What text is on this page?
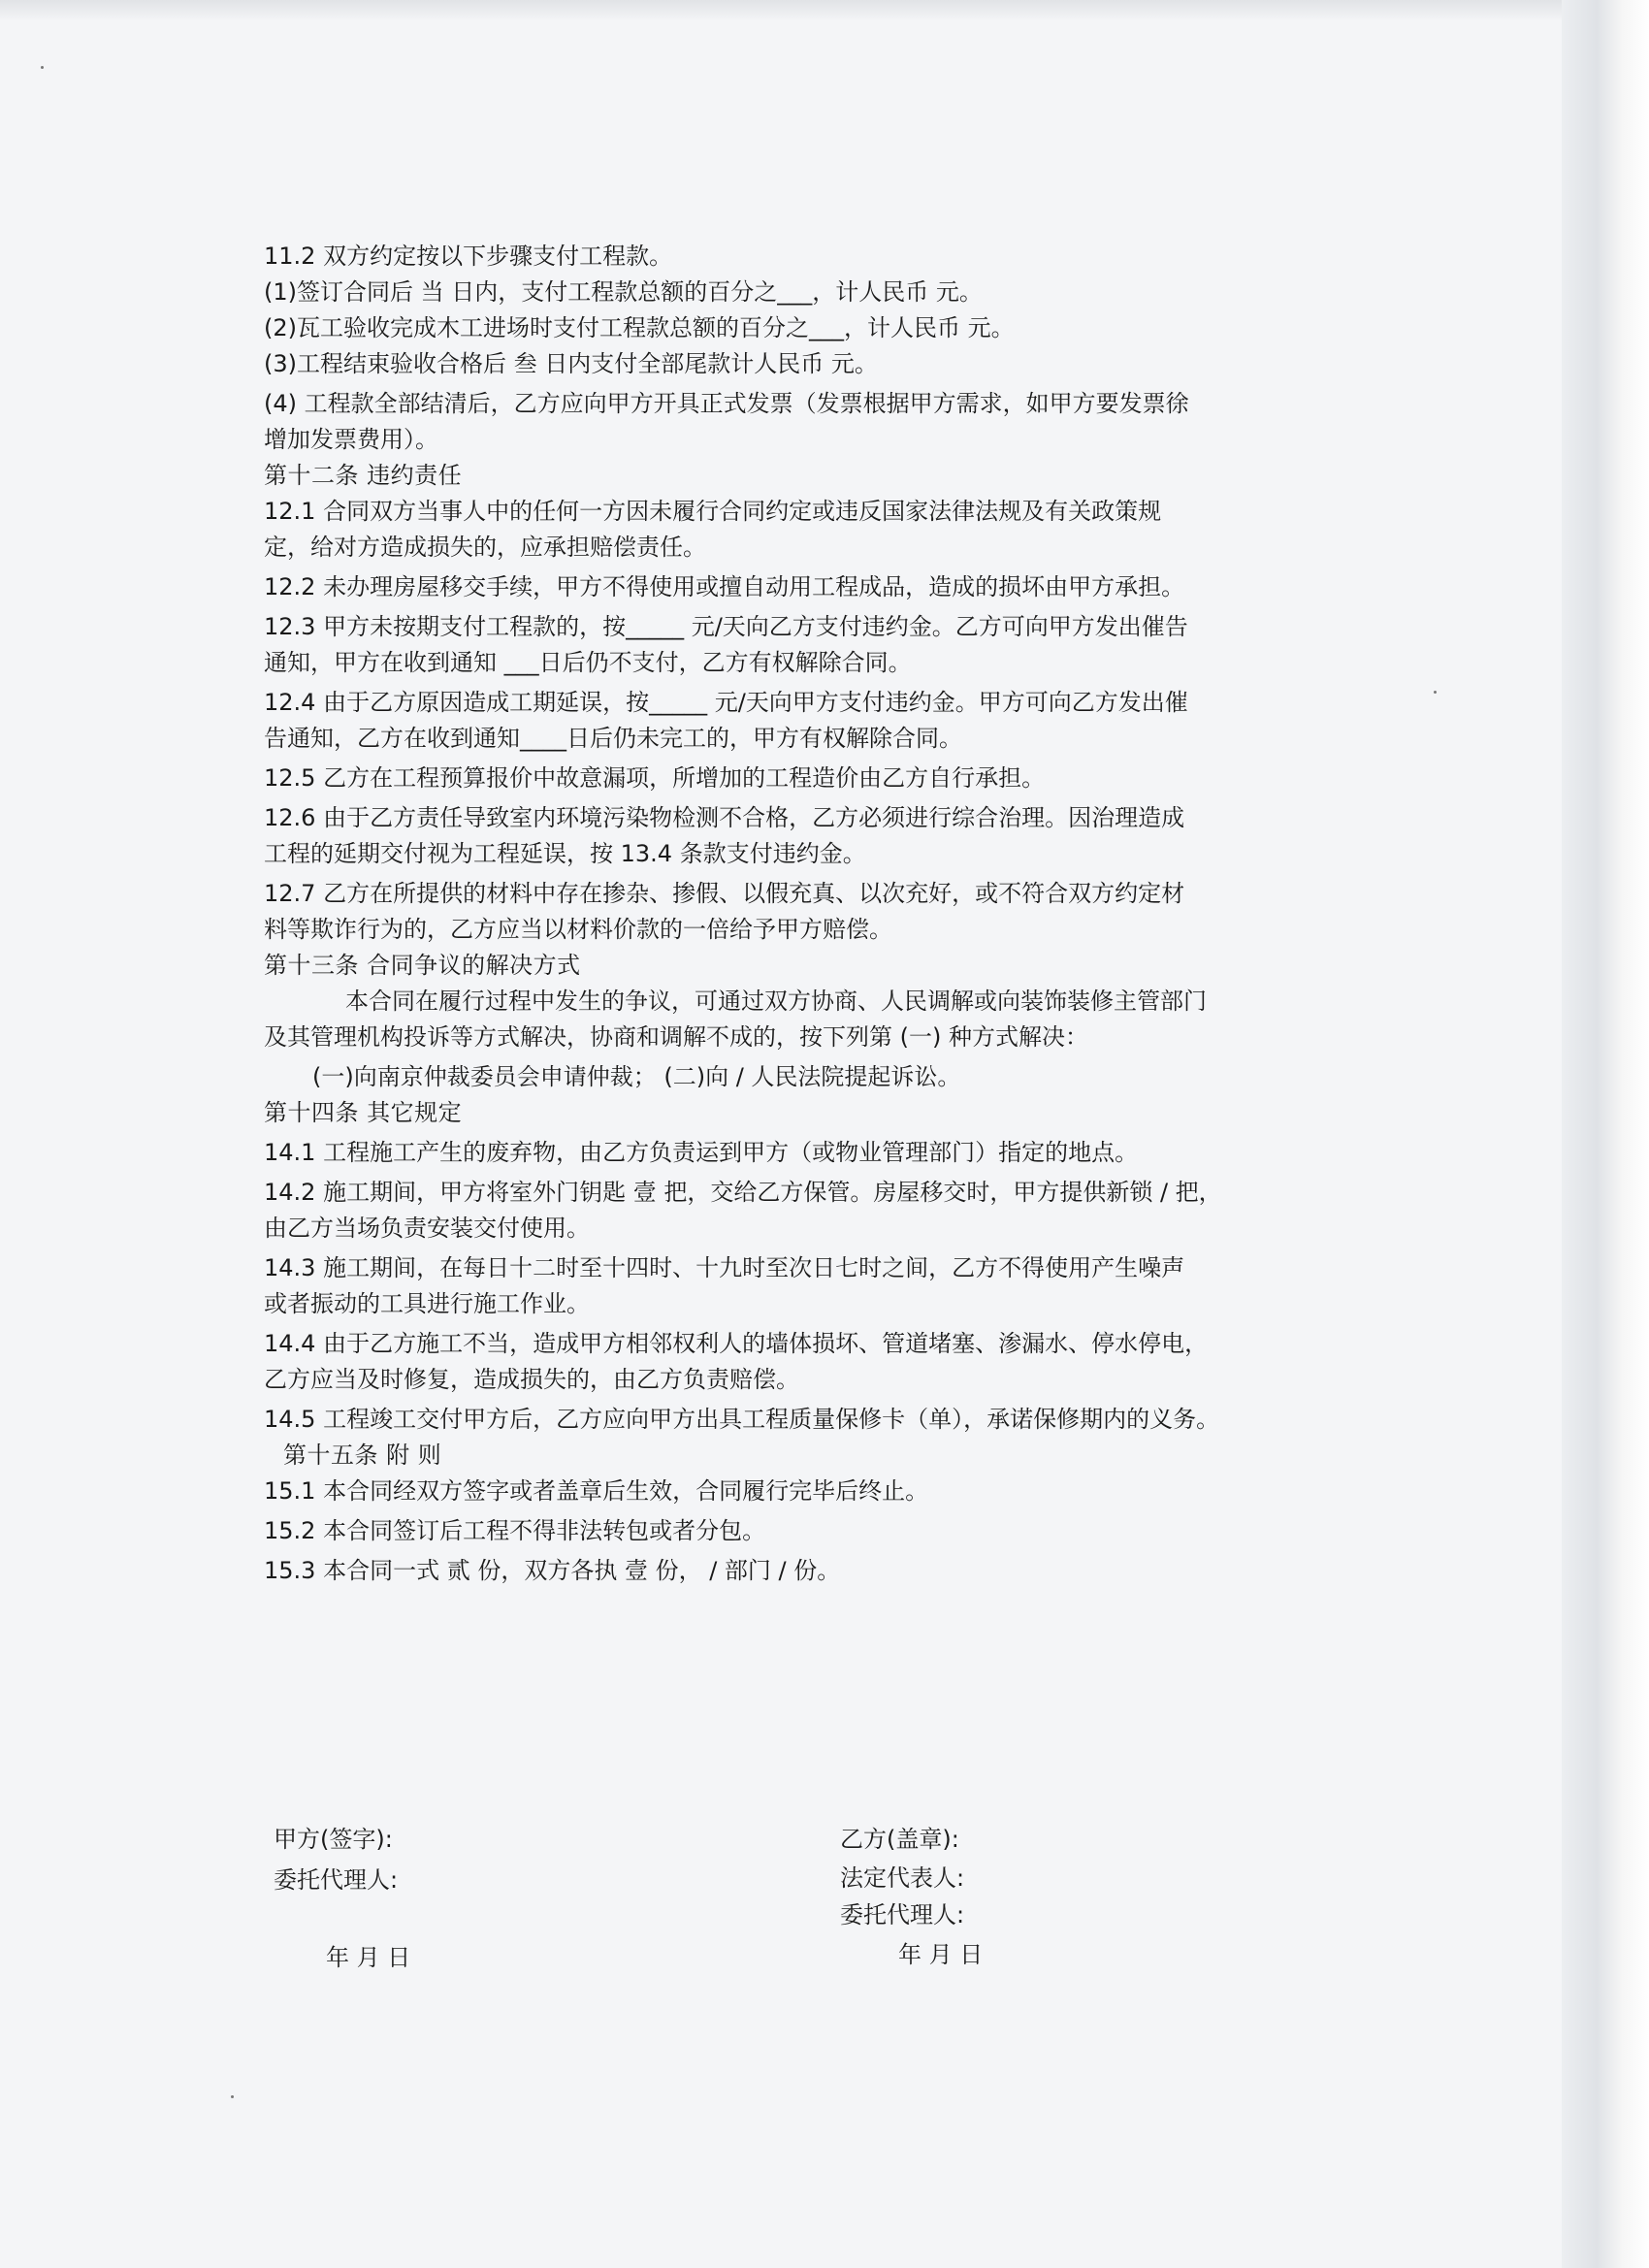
11.2 双方约定按以下步骤支付工程款。

(1)签订合同后 当 日内，支付工程款总额的百分之___，计人民币 元。

(2)瓦工验收完成木工进场时支付工程款总额的百分之___，计人民币 元。

(3)工程结束验收合格后 叁 日内支付全部尾款计人民币 元。

(4) 工程款全部结清后，乙方应向甲方开具正式发票（发票根据甲方需求，如甲方要发票徐

增加发票费用）。

第十二条 违约责任

12.1 合同双方当事人中的任何一方因未履行合同约定或违反国家法律法规及有关政策规

定，给对方造成损失的，应承担赔偿责任。

12.2 未办理房屋移交手续，甲方不得使用或擅自动用工程成品，造成的损坏由甲方承担。

12.3 甲方未按期支付工程款的，按_____ 元/天向乙方支付违约金。乙方可向甲方发出催告

通知，甲方在收到通知 ___日后仍不支付，乙方有权解除合同。

12.4 由于乙方原因造成工期延误，按_____ 元/天向甲方支付违约金。甲方可向乙方发出催

告通知，乙方在收到通知____日后仍未完工的，甲方有权解除合同。

12.5 乙方在工程预算报价中故意漏项，所增加的工程造价由乙方自行承担。

12.6 由于乙方责任导致室内环境污染物检测不合格，乙方必须进行综合治理。因治理造成

工程的延期交付视为工程延误，按 13.4 条款支付违约金。

12.7 乙方在所提供的材料中存在掺杂、掺假、以假充真、以次充好，或不符合双方约定材

料等欺诈行为的，乙方应当以材料价款的一倍给予甲方赔偿。

第十三条 合同争议的解决方式

本合同在履行过程中发生的争议，可通过双方协商、人民调解或向装饰装修主管部门

及其管理机构投诉等方式解决，协商和调解不成的，按下列第 (一) 种方式解决：

(一)向南京仲裁委员会申请仲裁； (二)向 / 人民法院提起诉讼。

第十四条 其它规定

14.1 工程施工产生的废弃物，由乙方负责运到甲方（或物业管理部门）指定的地点。

14.2 施工期间，甲方将室外门钥匙 壹 把，交给乙方保管。房屋移交时，甲方提供新锁 / 把，

由乙方当场负责安装交付使用。

14.3 施工期间，在每日十二时至十四时、十九时至次日七时之间，乙方不得使用产生噪声

或者振动的工具进行施工作业。

14.4 由于乙方施工不当，造成甲方相邻权利人的墙体损坏、管道堵塞、渗漏水、停水停电，

乙方应当及时修复，造成损失的，由乙方负责赔偿。

14.5 工程竣工交付甲方后，乙方应向甲方出具工程质量保修卡（单），承诺保修期内的义务。

第十五条 附 则

15.1 本合同经双方签字或者盖章后生效，合同履行完毕后终止。

15.2 本合同签订后工程不得非法转包或者分包。

15.3 本合同一式 贰 份，双方各执 壹 份， / 部门 / 份。

甲方(签字):
委托代理人:
年 月 日
乙方(盖章):
法定代表人:
委托代理人:
年 月 日
